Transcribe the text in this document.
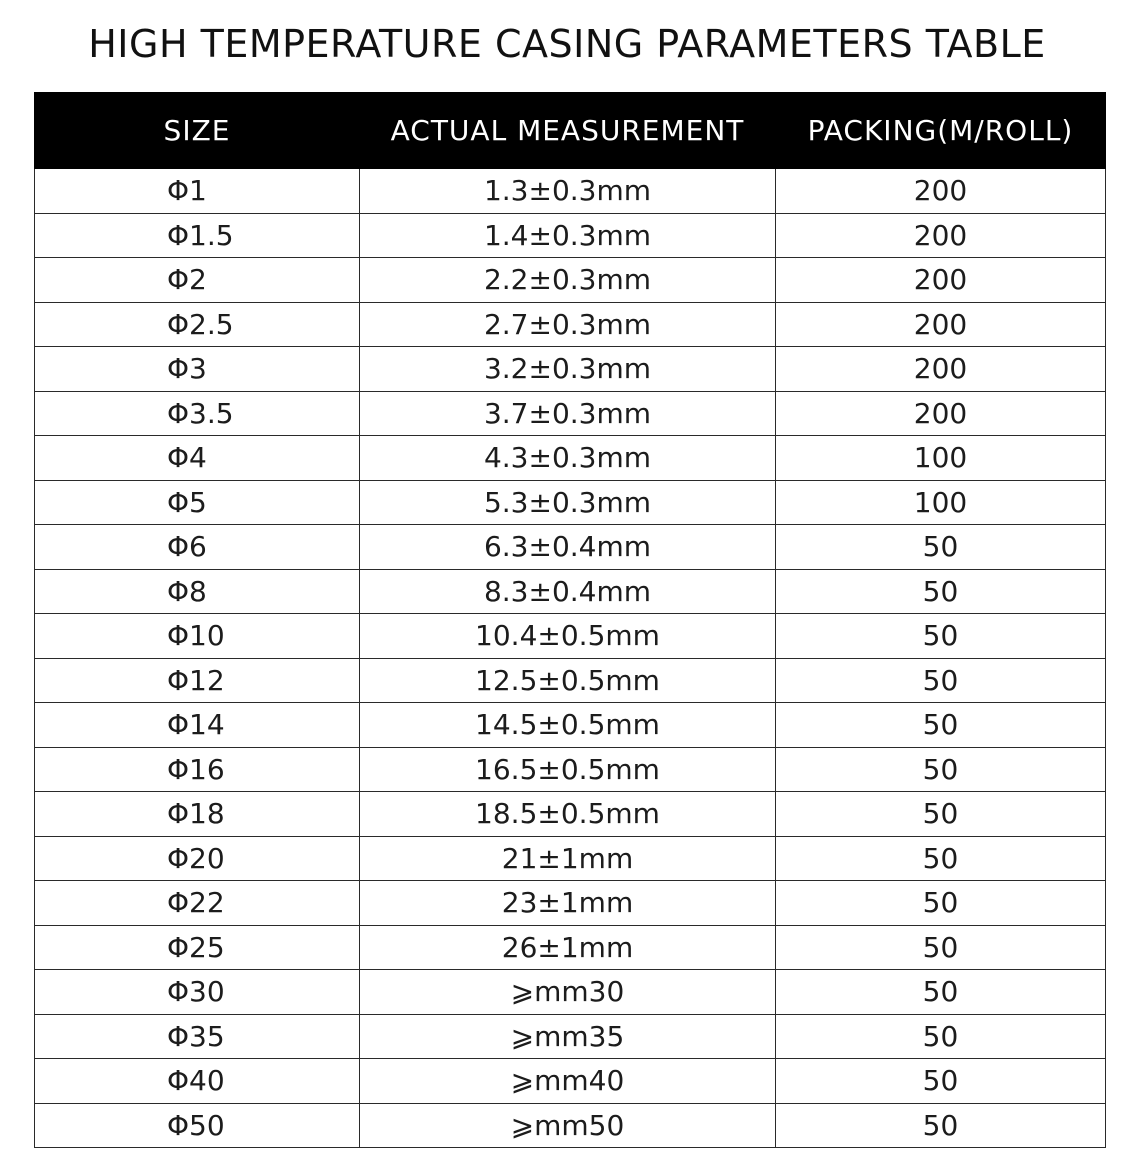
HIGH TEMPERATURE CASING PARAMETERS TABLE
SIZE	ACTUAL MEASUREMENT	PACKING(M/ROLL)
Φ1	1.3±0.3mm	200
Φ1.5	1.4±0.3mm	200
Φ2	2.2±0.3mm	200
Φ2.5	2.7±0.3mm	200
Φ3	3.2±0.3mm	200
Φ3.5	3.7±0.3mm	200
Φ4	4.3±0.3mm	100
Φ5	5.3±0.3mm	100
Φ6	6.3±0.4mm	50
Φ8	8.3±0.4mm	50
Φ10	10.4±0.5mm	50
Φ12	12.5±0.5mm	50
Φ14	14.5±0.5mm	50
Φ16	16.5±0.5mm	50
Φ18	18.5±0.5mm	50
Φ20	21±1mm	50
Φ22	23±1mm	50
Φ25	26±1mm	50
Φ30	⩾mm30	50
Φ35	⩾mm35	50
Φ40	⩾mm40	50
Φ50	⩾mm50	50
